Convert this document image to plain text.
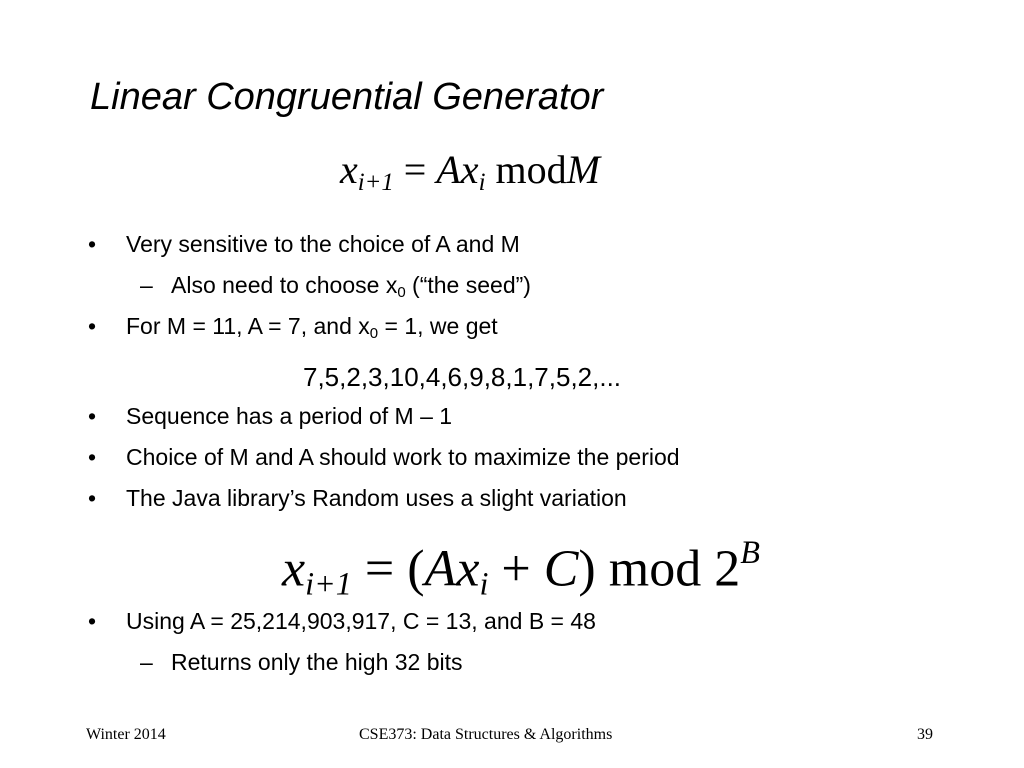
Linear Congruential Generator
$x_{i+1} = Ax_i$ modM
• Very sensitive to the choice of A and M
– Also need to choose x0 (“the seed”)
• For M = 11, A = 7, and x0 = 1, we get
7,5,2,3,10,4,6,9,8,1,7,5,2,...
• Sequence has a period of M – 1
• Choice of M and A should work to maximize the period
• The Java library’s Random uses a slight variation
$x_{i+1} = (Ax_i + C)$ mod $2^B$
• Using A = 25,214,903,917, C = 13, and B = 48
– Returns only the high 32 bits
Winter 2014	CSE373: Data Structures & Algorithms	39
